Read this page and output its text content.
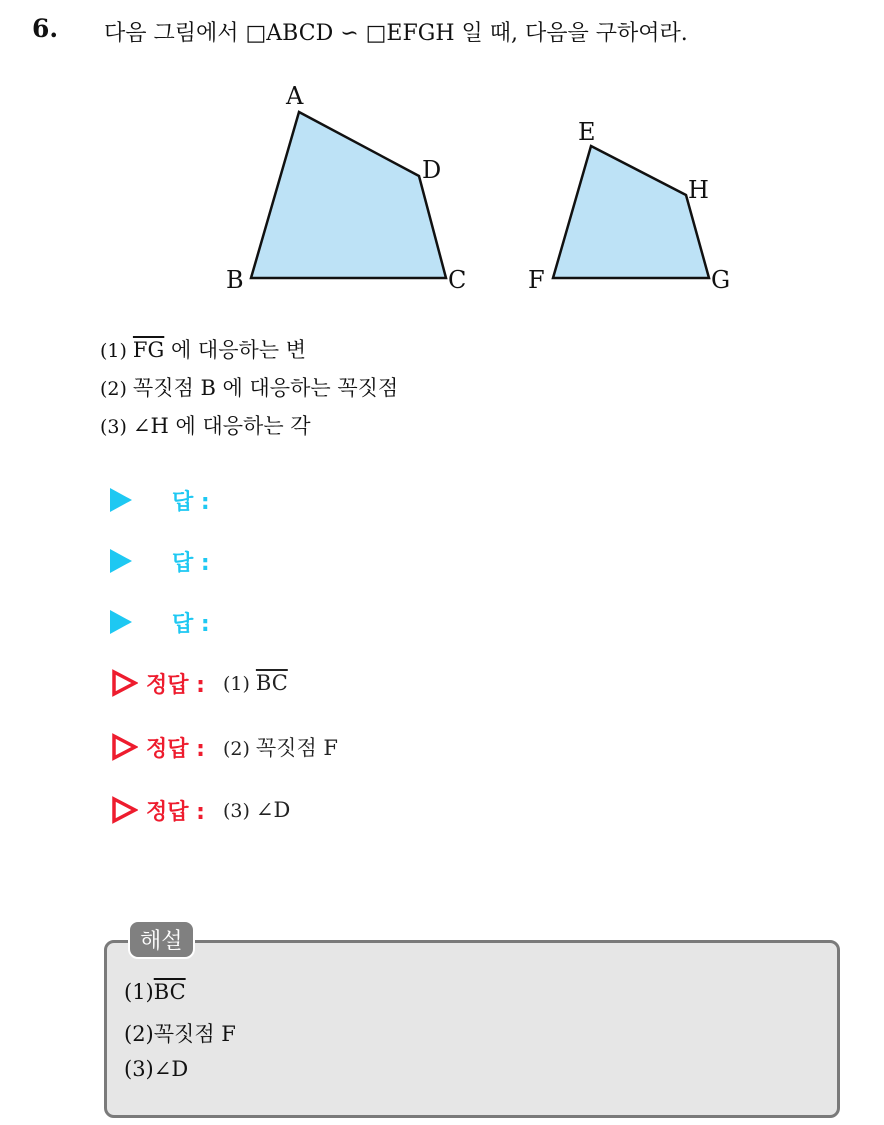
6. 다음 그림에서 □ABCD ∽ □EFGH 일 때, 다음을 구하여라.
A
B	C
D
E
F	G
H
(1) $\overline{FG}$ 에 대응하는 변
(2) 꼭짓점 B 에 대응하는 꼭짓점
(3) ∠H 에 대응하는 각
답 :
답 :
답 :
정답 : (1) $\overline{BC}$
정답 : (2) 꼭짓점 F
정답 : (3) ∠D
해설
$(1)\overline{BC}$
(2)꼭짓점 F
(3)∠D
